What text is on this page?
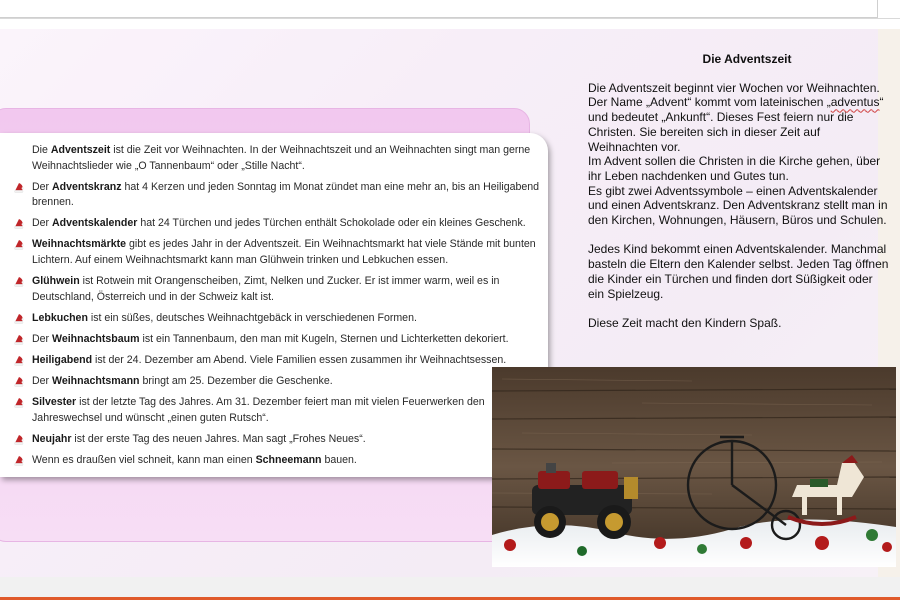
Die Adventszeit ist die Zeit vor Weihnachten. In der Weihnachtszeit und an Weihnachten singt man gerne Weihnachtslieder wie „O Tannenbaum“ oder „Stille Nacht“.
Der Adventskranz hat 4 Kerzen und jeden Sonntag im Monat zündet man eine mehr an, bis an Heiligabend brennen.
Der Adventskalender hat 24 Türchen und jedes Türchen enthält Schokolade oder ein kleines Geschenk.
Weihnachtsmärkte gibt es jedes Jahr in der Adventszeit. Ein Weihnachtsmarkt hat viele Stände mit bunten Lichtern. Auf einem Weihnachtsmarkt kann man Glühwein trinken und Lebkuchen essen.
Glühwein ist Rotwein mit Orangenscheiben, Zimt, Nelken und Zucker. Er ist immer warm, weil es in Deutschland, Österreich und in der Schweiz kalt ist.
Lebkuchen ist ein süßes, deutsches Weihnachtgebäck in verschiedenen Formen.
Der Weihnachtsbaum ist ein Tannenbaum, den man mit Kugeln, Sternen und Lichterketten dekoriert.
Heiligabend ist der 24. Dezember am Abend. Viele Familien essen zusammen ihr Weihnachtsessen.
Der Weihnachtsmann bringt am 25. Dezember die Geschenke.
Silvester ist der letzte Tag des Jahres. Am 31. Dezember feiert man mit vielen Feuerwerken den Jahreswechsel und wünscht „einen guten Rutsch“.
Neujahr ist der erste Tag des neuen Jahres. Man sagt „Frohes Neues“.
Wenn es draußen viel schneit, kann man einen Schneemann bauen.
Die Adventszeit

Die Adventszeit beginnt vier Wochen vor Weihnachten. Der Name „Advent“ kommt vom lateinischen „adventus“ und bedeutet „Ankunft“. Dieses Fest feiern nur die Christen. Sie bereiten sich in dieser Zeit auf Weihnachten vor.

Im Advent sollen die Christen in die Kirche gehen, über ihr Leben nachdenken und Gutes tun.

Es gibt zwei Adventssymbole – einen Adventskalender und einen Adventskranz. Den Adventskranz stellt man in den Kirchen, Wohnungen, Häusern, Büros und Schulen.

Jedes Kind bekommt einen Adventskalender. Manchmal basteln die Eltern den Kalender selbst. Jeden Tag öffnen die Kinder ein Türchen und finden dort Süßigkeit oder ein Spielzeug.

Diese Zeit macht den Kindern Spaß.
